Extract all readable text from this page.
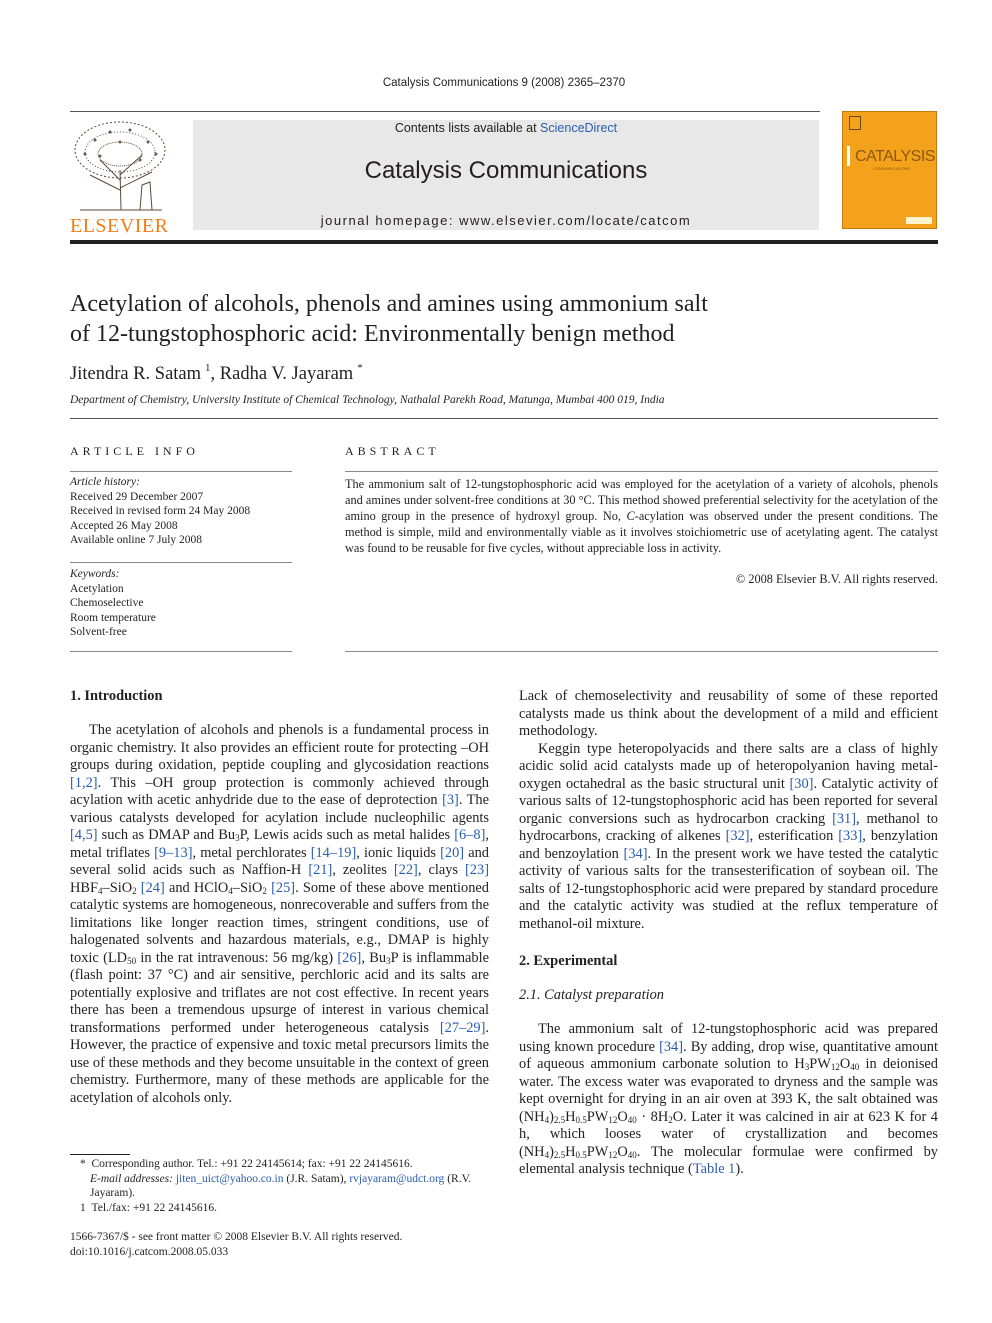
Catalysis Communications 9 (2008) 2365–2370
ELSEVIER
Contents lists available at ScienceDirect
Catalysis Communications
journal homepage: www.elsevier.com/locate/catcom
CATALYSIS
COMMUNICATIONS
Acetylation of alcohols, phenols and amines using ammonium salt
of 12-tungstophosphoric acid: Environmentally benign method
Jitendra R. Satam $^1$, Radha V. Jayaram *
Department of Chemistry, University Institute of Chemical Technology, Nathalal Parekh Road, Matunga, Mumbai 400 019, India
ARTICLE INFO
Article history:
Received 29 December 2007
Received in revised form 24 May 2008
Accepted 26 May 2008
Available online 7 July 2008
Keywords:
Acetylation
Chemoselective
Room temperature
Solvent-free
ABSTRACT
The ammonium salt of 12-tungstophosphoric acid was employed for the acetylation of a variety of alcohols, phenols and amines under solvent-free conditions at 30 °C. This method showed preferential selectivity for the acetylation of the amino group in the presence of hydroxyl group. No, C-acylation was observed under the present conditions. The method is simple, mild and environmentally viable as it involves stoichiometric use of acetylating agent. The catalyst was found to be reusable for five cycles, without appreciable loss in activity.
© 2008 Elsevier B.V. All rights reserved.
1. Introduction

The acetylation of alcohols and phenols is a fundamental process in organic chemistry. It also provides an efficient route for protecting –OH groups during oxidation, peptide coupling and glycosidation reactions [1,2]. This –OH group protection is commonly achieved through acylation with acetic anhydride due to the ease of deprotection [3]. The various catalysts developed for acylation include nucleophilic agents [4,5] such as DMAP and $Bu_3P$, Lewis acids such as metal halides [6–8], metal triflates [9–13], metal perchlorates [14–19], ionic liquids [20] and several solid acids such as Naffion-H [21], zeolites [22], clays [23] $HBF_4-SiO_2$ [24] and HClO$_4$–SiO$_2$ [25]. Some of these above mentioned catalytic systems are homogeneous, nonrecoverable and suffers from the limitations like longer reaction times, stringent conditions, use of halogenated solvents and hazardous materials, e.g., DMAP is highly toxic ($LD_{50}$ in the rat intravenous: 56 mg/kg) [26], $Bu_3P$ is inflammable (flash point: 37 °C) and air sensitive, perchloric acid and its salts are potentially explosive and triflates are not cost effective. In recent years there has been a tremendous upsurge of interest in various chemical transformations performed under heterogeneous catalysis [27–29]. However, the practice of expensive and toxic metal precursors limits the use of these methods and they become unsuitable in the context of green chemistry. Furthermore, many of these methods are applicable for the acetylation of alcohols only.

Lack of chemoselectivity and reusability of some of these reported catalysts made us think about the development of a mild and efficient methodology.

Keggin type heteropolyacids and there salts are a class of highly acidic solid acid catalysts made up of heteropolyanion having metal-oxygen octahedral as the basic structural unit [30]. Catalytic activity of various salts of 12-tungstophosphoric acid has been reported for several organic conversions such as hydrocarbon cracking [31], methanol to hydrocarbons, cracking of alkenes [32], esterification [33], benzylation and benzoylation [34]. In the present work we have tested the catalytic activity of various salts for the transesterification of soybean oil. The salts of 12-tungstophosphoric acid were prepared by standard procedure and the catalytic activity was studied at the reflux temperature of methanol-oil mixture.

2. Experimental
2.1. Catalyst preparation

The ammonium salt of 12-tungstophosphoric acid was prepared using known procedure [34]. By adding, drop wise, quantitative amount of aqueous ammonium carbonate solution to $H_3PW_{12}O_{40}$ in deionised water. The excess water was evaporated to dryness and the sample was kept overnight for drying in an air oven at 393 K, the salt obtained was $(NH_4)_{2.5}H_{0.5}PW_{12}O_{40} \cdot 8H_2O$. Later it was calcined in air at 623 K for 4 h, which looses water of crystallization and becomes $(NH_4)_{2.5}H_{0.5}PW_{12}O_{40}$. The molecular formulae were confirmed by elemental analysis technique (Table 1).

* Corresponding author. Tel.: +91 22 24145614; fax: +91 22 24145616.
E-mail addresses: jiten_uict@yahoo.co.in (J.R. Satam), rvjayaram@udct.org (R.V. Jayaram).
1 Tel./fax: +91 22 24145616.
1566-7367/$ - see front matter © 2008 Elsevier B.V. All rights reserved.
doi:10.1016/j.catcom.2008.05.033
